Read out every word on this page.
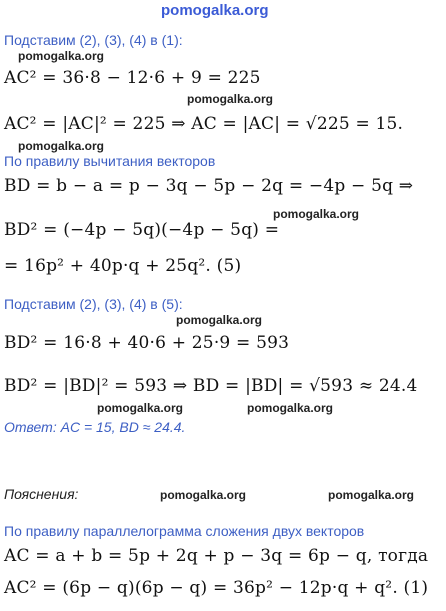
pomogalka.org
Подставим (2), (3), (4) в (1):
pomogalka.org
AC² = 36·8 − 12·6 + 9 = 225
pomogalka.org
AC² = |AC|² = 225 ⇒ AC = |AC| = √225 = 15.
pomogalka.org
По правилу вычитания векторов
BD = b − a = p − 3q − 5p − 2q = −4p − 5q ⇒
pomogalka.org
BD² = (−4p − 5q)(−4p − 5q) =
= 16p² + 40p·q + 25q². (5)
Подставим (2), (3), (4) в (5):
pomogalka.org
BD² = 16·8 + 40·6 + 25·9 = 593
BD² = |BD|² = 593 ⇒ BD = |BD| = √593 ≈ 24.4
pomogalka.org	pomogalka.org
Ответ: AC = 15, BD ≈ 24.4.
Пояснения:	pomogalka.org	pomogalka.org
По правилу параллелограмма сложения двух векторов
AC = a + b = 5p + 2q + p − 3q = 6p − q, тогда
AC² = (6p − q)(6p − q) = 36p² − 12p·q + q². (1)
